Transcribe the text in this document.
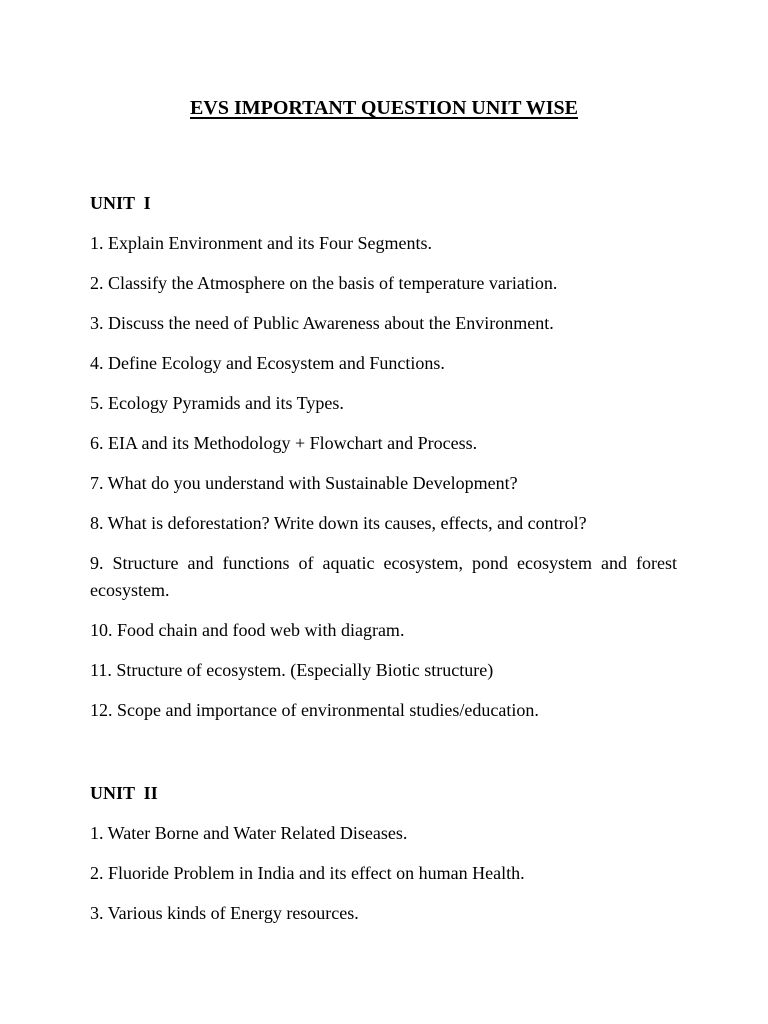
EVS IMPORTANT QUESTION UNIT WISE
UNIT  I
1. Explain Environment and its Four Segments.
2. Classify the Atmosphere on the basis of temperature variation.
3. Discuss the need of Public Awareness about the Environment.
4. Define Ecology and Ecosystem and Functions.
5. Ecology Pyramids and its Types.
6. EIA and its Methodology + Flowchart and Process.
7. What do you understand with Sustainable Development?
8. What is deforestation? Write down its causes, effects, and control?
9. Structure and functions of aquatic ecosystem, pond ecosystem and forest ecosystem.
10. Food chain and food web with diagram.
11. Structure of ecosystem. (Especially Biotic structure)
12. Scope and importance of environmental studies/education.
UNIT  II
1. Water Borne and Water Related Diseases.
2. Fluoride Problem in India and its effect on human Health.
3. Various kinds of Energy resources.
